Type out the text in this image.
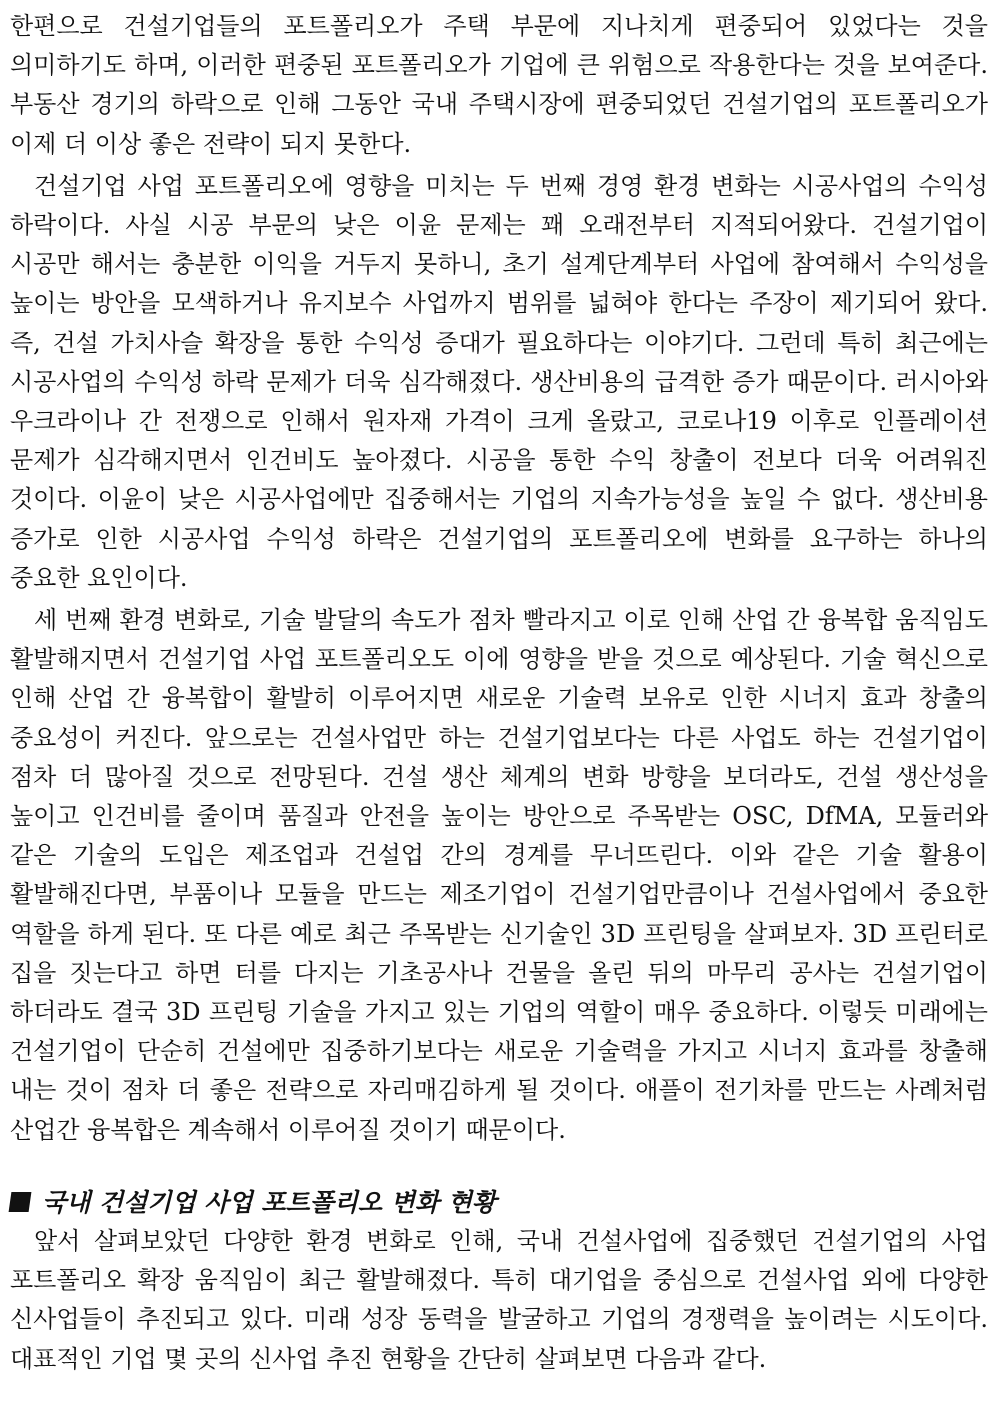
한편으로 건설기업들의 포트폴리오가 주택 부문에 지나치게 편중되어 있었다는 것을 의미하기도 하며, 이러한 편중된 포트폴리오가 기업에 큰 위험으로 작용한다는 것을 보여준다. 부동산 경기의 하락으로 인해 그동안 국내 주택시장에 편중되었던 건설기업의 포트폴리오가 이제 더 이상 좋은 전략이 되지 못한다.

건설기업 사업 포트폴리오에 영향을 미치는 두 번째 경영 환경 변화는 시공사업의 수익성 하락이다. 사실 시공 부문의 낮은 이윤 문제는 꽤 오래전부터 지적되어왔다. 건설기업이 시공만 해서는 충분한 이익을 거두지 못하니, 초기 설계단계부터 사업에 참여해서 수익성을 높이는 방안을 모색하거나 유지보수 사업까지 범위를 넓혀야 한다는 주장이 제기되어 왔다. 즉, 건설 가치사슬 확장을 통한 수익성 증대가 필요하다는 이야기다. 그런데 특히 최근에는 시공사업의 수익성 하락 문제가 더욱 심각해졌다. 생산비용의 급격한 증가 때문이다. 러시아와 우크라이나 간 전쟁으로 인해서 원자재 가격이 크게 올랐고, 코로나19 이후로 인플레이션 문제가 심각해지면서 인건비도 높아졌다. 시공을 통한 수익 창출이 전보다 더욱 어려워진 것이다. 이윤이 낮은 시공사업에만 집중해서는 기업의 지속가능성을 높일 수 없다. 생산비용 증가로 인한 시공사업 수익성 하락은 건설기업의 포트폴리오에 변화를 요구하는 하나의 중요한 요인이다.

세 번째 환경 변화로, 기술 발달의 속도가 점차 빨라지고 이로 인해 산업 간 융복합 움직임도 활발해지면서 건설기업 사업 포트폴리오도 이에 영향을 받을 것으로 예상된다. 기술 혁신으로 인해 산업 간 융복합이 활발히 이루어지면 새로운 기술력 보유로 인한 시너지 효과 창출의 중요성이 커진다. 앞으로는 건설사업만 하는 건설기업보다는 다른 사업도 하는 건설기업이 점차 더 많아질 것으로 전망된다. 건설 생산 체계의 변화 방향을 보더라도, 건설 생산성을 높이고 인건비를 줄이며 품질과 안전을 높이는 방안으로 주목받는 OSC, DfMA, 모듈러와 같은 기술의 도입은 제조업과 건설업 간의 경계를 무너뜨린다. 이와 같은 기술 활용이 활발해진다면, 부품이나 모듈을 만드는 제조기업이 건설기업만큼이나 건설사업에서 중요한 역할을 하게 된다. 또 다른 예로 최근 주목받는 신기술인 3D 프린팅을 살펴보자. 3D 프린터로 집을 짓는다고 하면 터를 다지는 기초공사나 건물을 올린 뒤의 마무리 공사는 건설기업이 하더라도 결국 3D 프린팅 기술을 가지고 있는 기업의 역할이 매우 중요하다. 이렇듯 미래에는 건설기업이 단순히 건설에만 집중하기보다는 새로운 기술력을 가지고 시너지 효과를 창출해 내는 것이 점차 더 좋은 전략으로 자리매김하게 될 것이다. 애플이 전기차를 만드는 사례처럼 산업간 융복합은 계속해서 이루어질 것이기 때문이다.

국내 건설기업 사업 포트폴리오 변화 현황

앞서 살펴보았던 다양한 환경 변화로 인해, 국내 건설사업에 집중했던 건설기업의 사업 포트폴리오 확장 움직임이 최근 활발해졌다. 특히 대기업을 중심으로 건설사업 외에 다양한 신사업들이 추진되고 있다. 미래 성장 동력을 발굴하고 기업의 경쟁력을 높이려는 시도이다. 대표적인 기업 몇 곳의 신사업 추진 현황을 간단히 살펴보면 다음과 같다.
